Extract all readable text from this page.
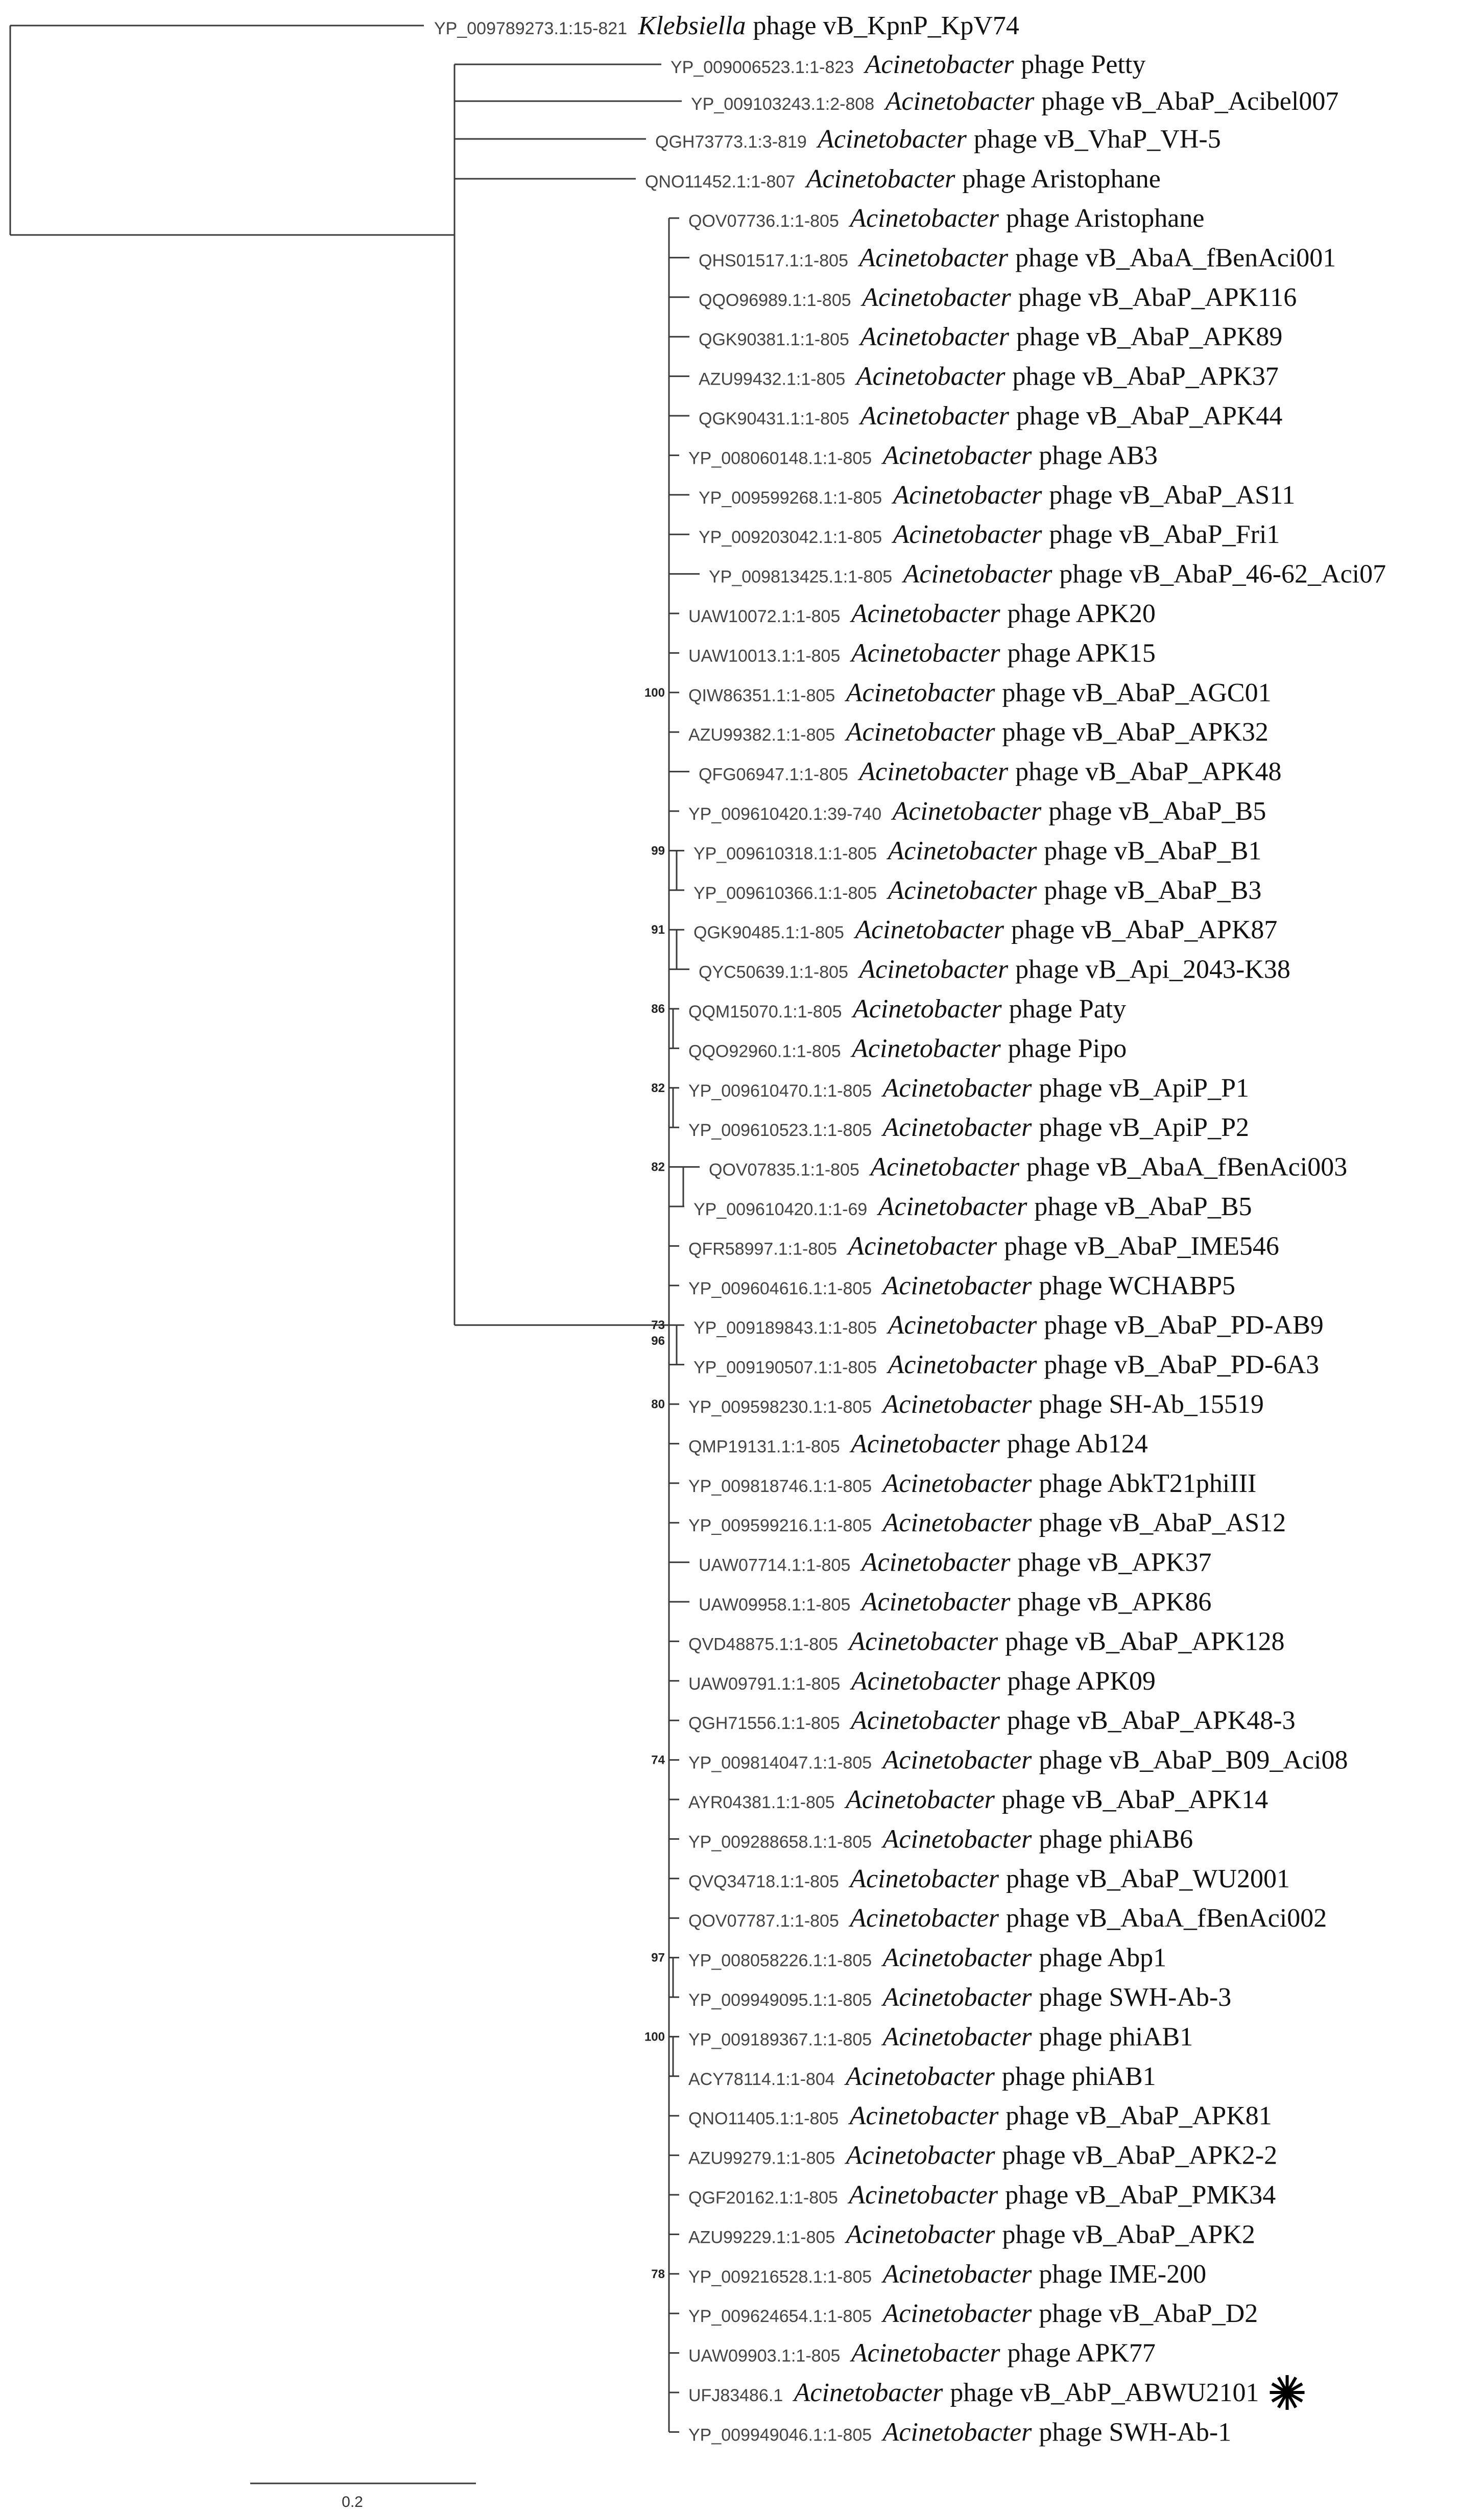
YP_009789273.1:15-821 Klebsiella phage vB_KpnP_KpV74
YP_009006523.1:1-823 Acinetobacter phage Petty
YP_009103243.1:2-808 Acinetobacter phage vB_AbaP_Acibel007
QGH73773.1:3-819 Acinetobacter phage vB_VhaP_VH-5
QNO11452.1:1-807 Acinetobacter phage Aristophane
QOV07736.1:1-805 Acinetobacter phage Aristophane
QHS01517.1:1-805 Acinetobacter phage vB_AbaA_fBenAci001
QQO96989.1:1-805 Acinetobacter phage vB_AbaP_APK116
QGK90381.1:1-805 Acinetobacter phage vB_AbaP_APK89
AZU99432.1:1-805 Acinetobacter phage vB_AbaP_APK37
QGK90431.1:1-805 Acinetobacter phage vB_AbaP_APK44
YP_008060148.1:1-805 Acinetobacter phage AB3
YP_009599268.1:1-805 Acinetobacter phage vB_AbaP_AS11
YP_009203042.1:1-805 Acinetobacter phage vB_AbaP_Fri1
YP_009813425.1:1-805 Acinetobacter phage vB_AbaP_46-62_Aci07
UAW10072.1:1-805 Acinetobacter phage APK20
UAW10013.1:1-805 Acinetobacter phage APK15
QIW86351.1:1-805 Acinetobacter phage vB_AbaP_AGC01
AZU99382.1:1-805 Acinetobacter phage vB_AbaP_APK32
QFG06947.1:1-805 Acinetobacter phage vB_AbaP_APK48
YP_009610420.1:39-740 Acinetobacter phage vB_AbaP_B5
YP_009610318.1:1-805 Acinetobacter phage vB_AbaP_B1
YP_009610366.1:1-805 Acinetobacter phage vB_AbaP_B3
QGK90485.1:1-805 Acinetobacter phage vB_AbaP_APK87
QYC50639.1:1-805 Acinetobacter phage vB_Api_2043-K38
QQM15070.1:1-805 Acinetobacter phage Paty
QQO92960.1:1-805 Acinetobacter phage Pipo
YP_009610470.1:1-805 Acinetobacter phage vB_ApiP_P1
YP_009610523.1:1-805 Acinetobacter phage vB_ApiP_P2
QOV07835.1:1-805 Acinetobacter phage vB_AbaA_fBenAci003
YP_009610420.1:1-69 Acinetobacter phage vB_AbaP_B5
QFR58997.1:1-805 Acinetobacter phage vB_AbaP_IME546
YP_009604616.1:1-805 Acinetobacter phage WCHABP5
YP_009189843.1:1-805 Acinetobacter phage vB_AbaP_PD-AB9
YP_009190507.1:1-805 Acinetobacter phage vB_AbaP_PD-6A3
YP_009598230.1:1-805 Acinetobacter phage SH-Ab_15519
QMP19131.1:1-805 Acinetobacter phage Ab124
YP_009818746.1:1-805 Acinetobacter phage AbkT21phiIII
YP_009599216.1:1-805 Acinetobacter phage vB_AbaP_AS12
UAW07714.1:1-805 Acinetobacter phage vB_APK37
UAW09958.1:1-805 Acinetobacter phage vB_APK86
QVD48875.1:1-805 Acinetobacter phage vB_AbaP_APK128
UAW09791.1:1-805 Acinetobacter phage APK09
QGH71556.1:1-805 Acinetobacter phage vB_AbaP_APK48-3
YP_009814047.1:1-805 Acinetobacter phage vB_AbaP_B09_Aci08
AYR04381.1:1-805 Acinetobacter phage vB_AbaP_APK14
YP_009288658.1:1-805 Acinetobacter phage phiAB6
QVQ34718.1:1-805 Acinetobacter phage vB_AbaP_WU2001
QOV07787.1:1-805 Acinetobacter phage vB_AbaA_fBenAci002
YP_008058226.1:1-805 Acinetobacter phage Abp1
YP_009949095.1:1-805 Acinetobacter phage SWH-Ab-3
YP_009189367.1:1-805 Acinetobacter phage phiAB1
ACY78114.1:1-804 Acinetobacter phage phiAB1
QNO11405.1:1-805 Acinetobacter phage vB_AbaP_APK81
AZU99279.1:1-805 Acinetobacter phage vB_AbaP_APK2-2
QGF20162.1:1-805 Acinetobacter phage vB_AbaP_PMK34
AZU99229.1:1-805 Acinetobacter phage vB_AbaP_APK2
YP_009216528.1:1-805 Acinetobacter phage IME-200
YP_009624654.1:1-805 Acinetobacter phage vB_AbaP_D2
UAW09903.1:1-805 Acinetobacter phage APK77
UFJ83486.1 Acinetobacter phage vB_AbP_ABWU2101
YP_009949046.1:1-805 Acinetobacter phage SWH-Ab-1
100
99
91
86
82
82
73
96
80
74
97
100
78
0.2
